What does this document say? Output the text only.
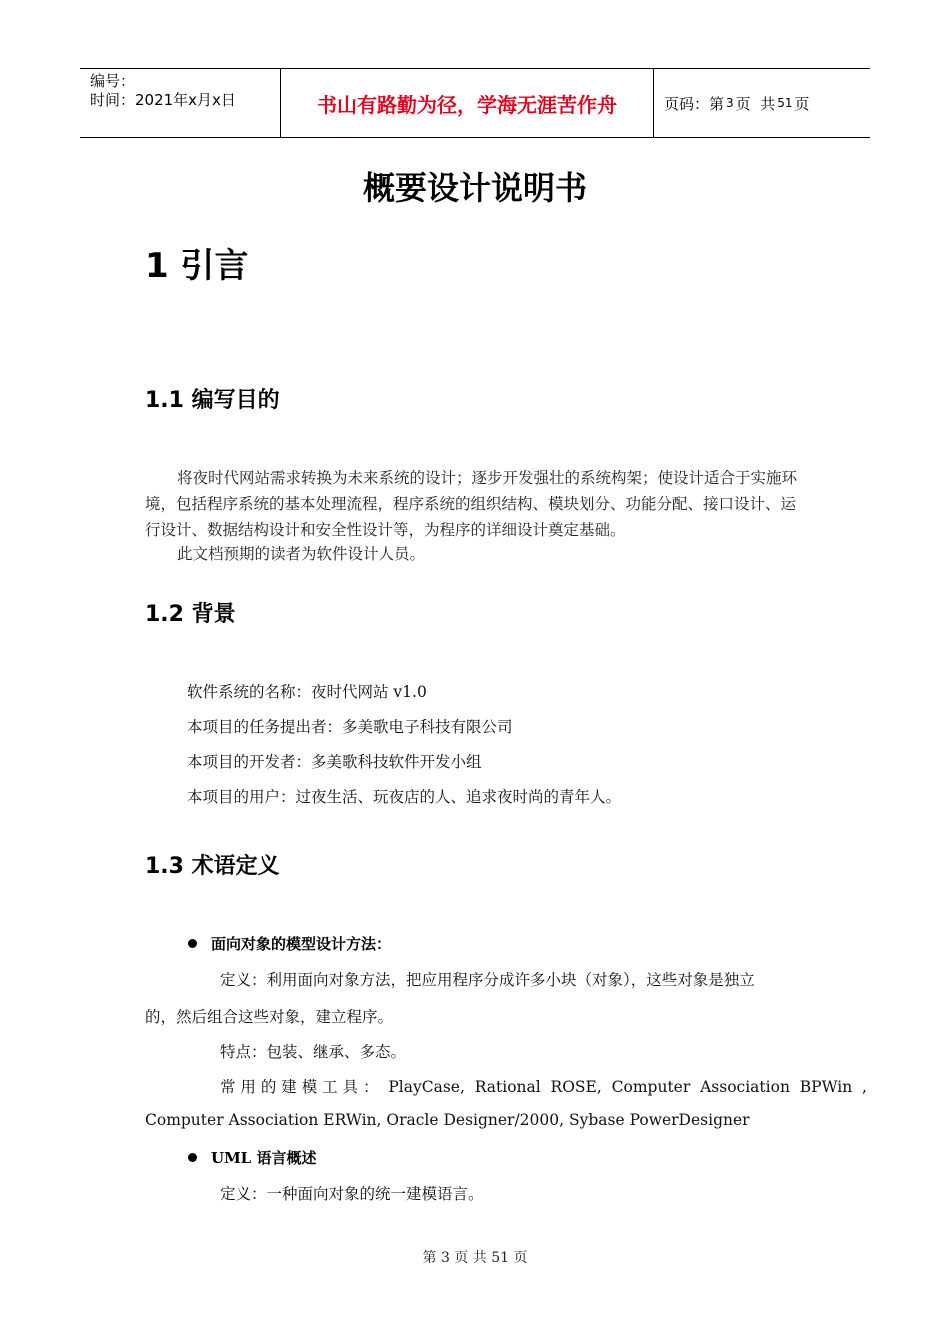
编号：
时间：2021年x月x日	书山有路勤为径，学海无涯苦作舟	页码：第 3 页  共 51 页
概要设计说明书
1 引言
1.1 编写目的
将夜时代网站需求转换为未来系统的设计；逐步开发强壮的系统构架；使设计适合于实施环境，包括程序系统的基本处理流程，程序系统的组织结构、模块划分、功能分配、接口设计、运行设计、数据结构设计和安全性设计等，为程序的详细设计奠定基础。
此文档预期的读者为软件设计人员。
1.2 背景
软件系统的名称：夜时代网站 v1.0
本项目的任务提出者：多美歌电子科技有限公司
本项目的开发者：多美歌科技软件开发小组
本项目的用户：过夜生活、玩夜店的人、追求夜时尚的青年人。
1.3 术语定义
面向对象的模型设计方法：
定义：利用面向对象方法，把应用程序分成许多小块（对象），这些对象是独立
的，然后组合这些对象，建立程序。
特点：包装、继承、多态。
常 用 的 建 模 工 具 ：  PlayCase,  Rational  ROSE,  Computer  Association  BPWin  ,
Computer Association ERWin, Oracle Designer/2000, Sybase PowerDesigner
UML 语言概述
定义：一种面向对象的统一建模语言。
第 3 页 共 51 页
